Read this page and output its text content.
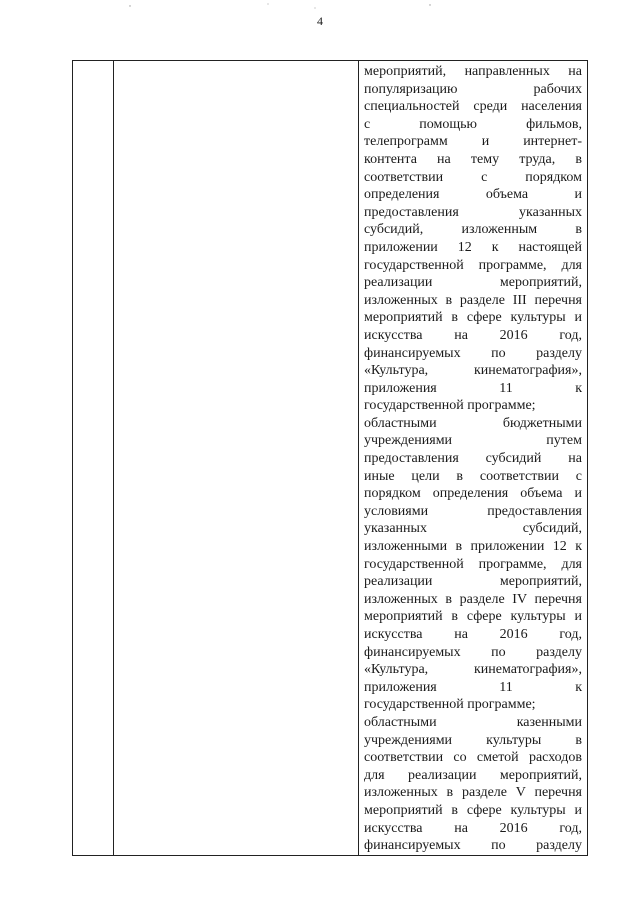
4

мероприятий, направленных на
популяризацию рабочих
специальностей среди населения
с помощью фильмов,
телепрограмм и интернет-
контента на тему труда, в
соответствии с порядком
определения объема и
предоставления указанных
субсидий, изложенным в
приложении 12 к настоящей
государственной программе, для
реализации мероприятий,
изложенных в разделе III перечня
мероприятий в сфере культуры и
искусства на 2016 год,
финансируемых по разделу
«Культура, кинематография»,
приложения 11 к
государственной программе;
областными бюджетными
учреждениями путем
предоставления субсидий на
иные цели в соответствии с
порядком определения объема и
условиями предоставления
указанных субсидий,
изложенными в приложении 12 к
государственной программе, для
реализации мероприятий,
изложенных в разделе IV перечня
мероприятий в сфере культуры и
искусства на 2016 год,
финансируемых по разделу
«Культура, кинематография»,
приложения 11 к
государственной программе;
областными казенными
учреждениями культуры в
соответствии со сметой расходов
для реализации мероприятий,
изложенных в разделе V перечня
мероприятий в сфере культуры и
искусства на 2016 год,
финансируемых по разделу
